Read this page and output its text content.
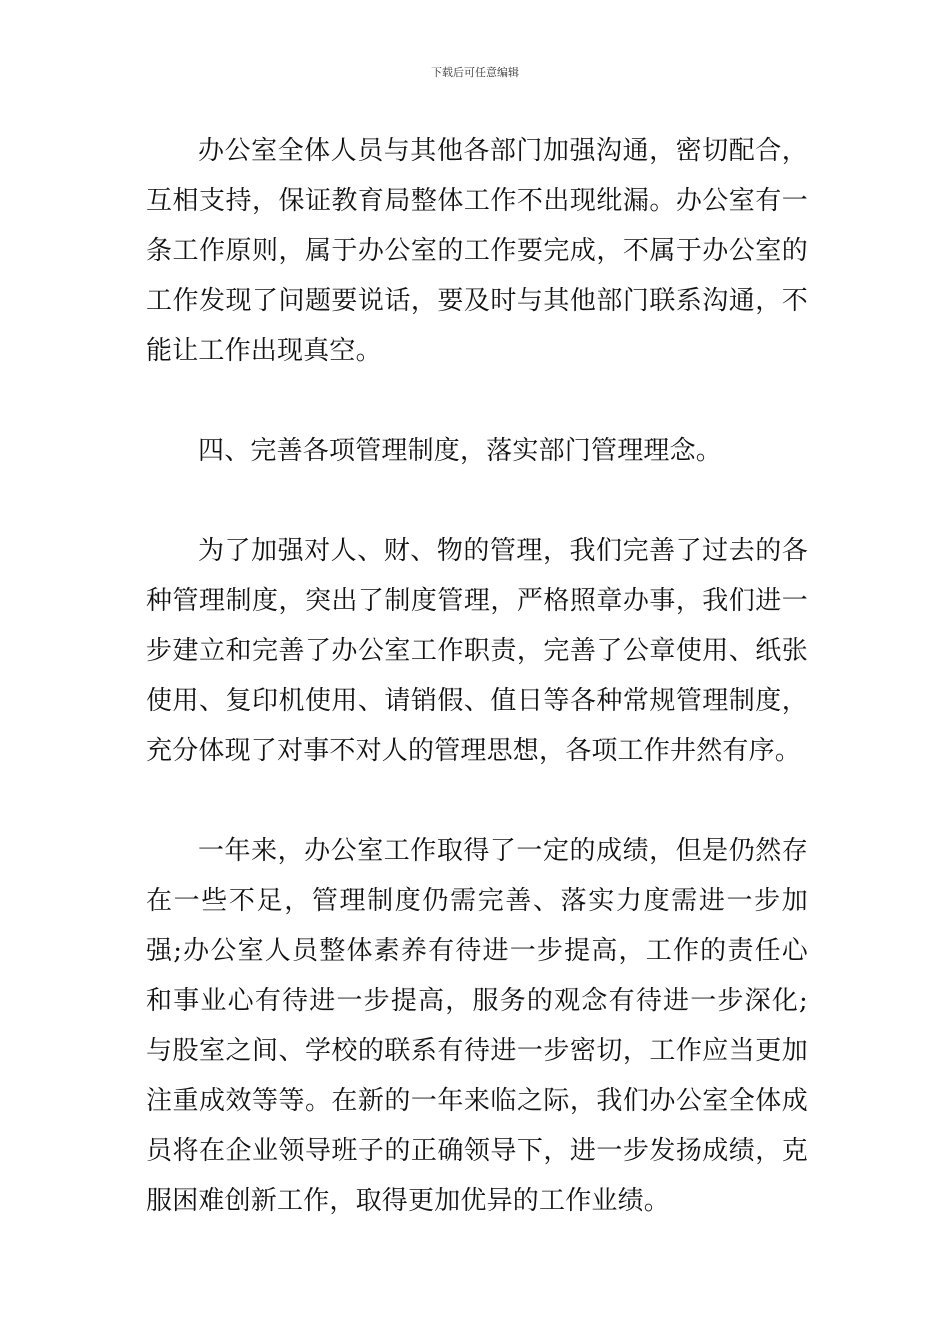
下载后可任意编辑

办公室全体人员与其他各部门加强沟通，密切配合，互相支持，保证教育局整体工作不出现纰漏。办公室有一条工作原则，属于办公室的工作要完成，不属于办公室的工作发现了问题要说话，要及时与其他部门联系沟通，不能让工作出现真空。

四、完善各项管理制度，落实部门管理理念。

为了加强对人、财、物的管理，我们完善了过去的各种管理制度，突出了制度管理，严格照章办事，我们进一步建立和完善了办公室工作职责，完善了公章使用、纸张使用、复印机使用、请销假、值日等各种常规管理制度，充分体现了对事不对人的管理思想，各项工作井然有序。

一年来，办公室工作取得了一定的成绩，但是仍然存在一些不足，管理制度仍需完善、落实力度需进一步加强;办公室人员整体素养有待进一步提高，工作的责任心和事业心有待进一步提高，服务的观念有待进一步深化;与股室之间、学校的联系有待进一步密切，工作应当更加注重成效等等。在新的一年来临之际，我们办公室全体成员将在企业领导班子的正确领导下，进一步发扬成绩，克服困难创新工作，取得更加优异的工作业绩。
